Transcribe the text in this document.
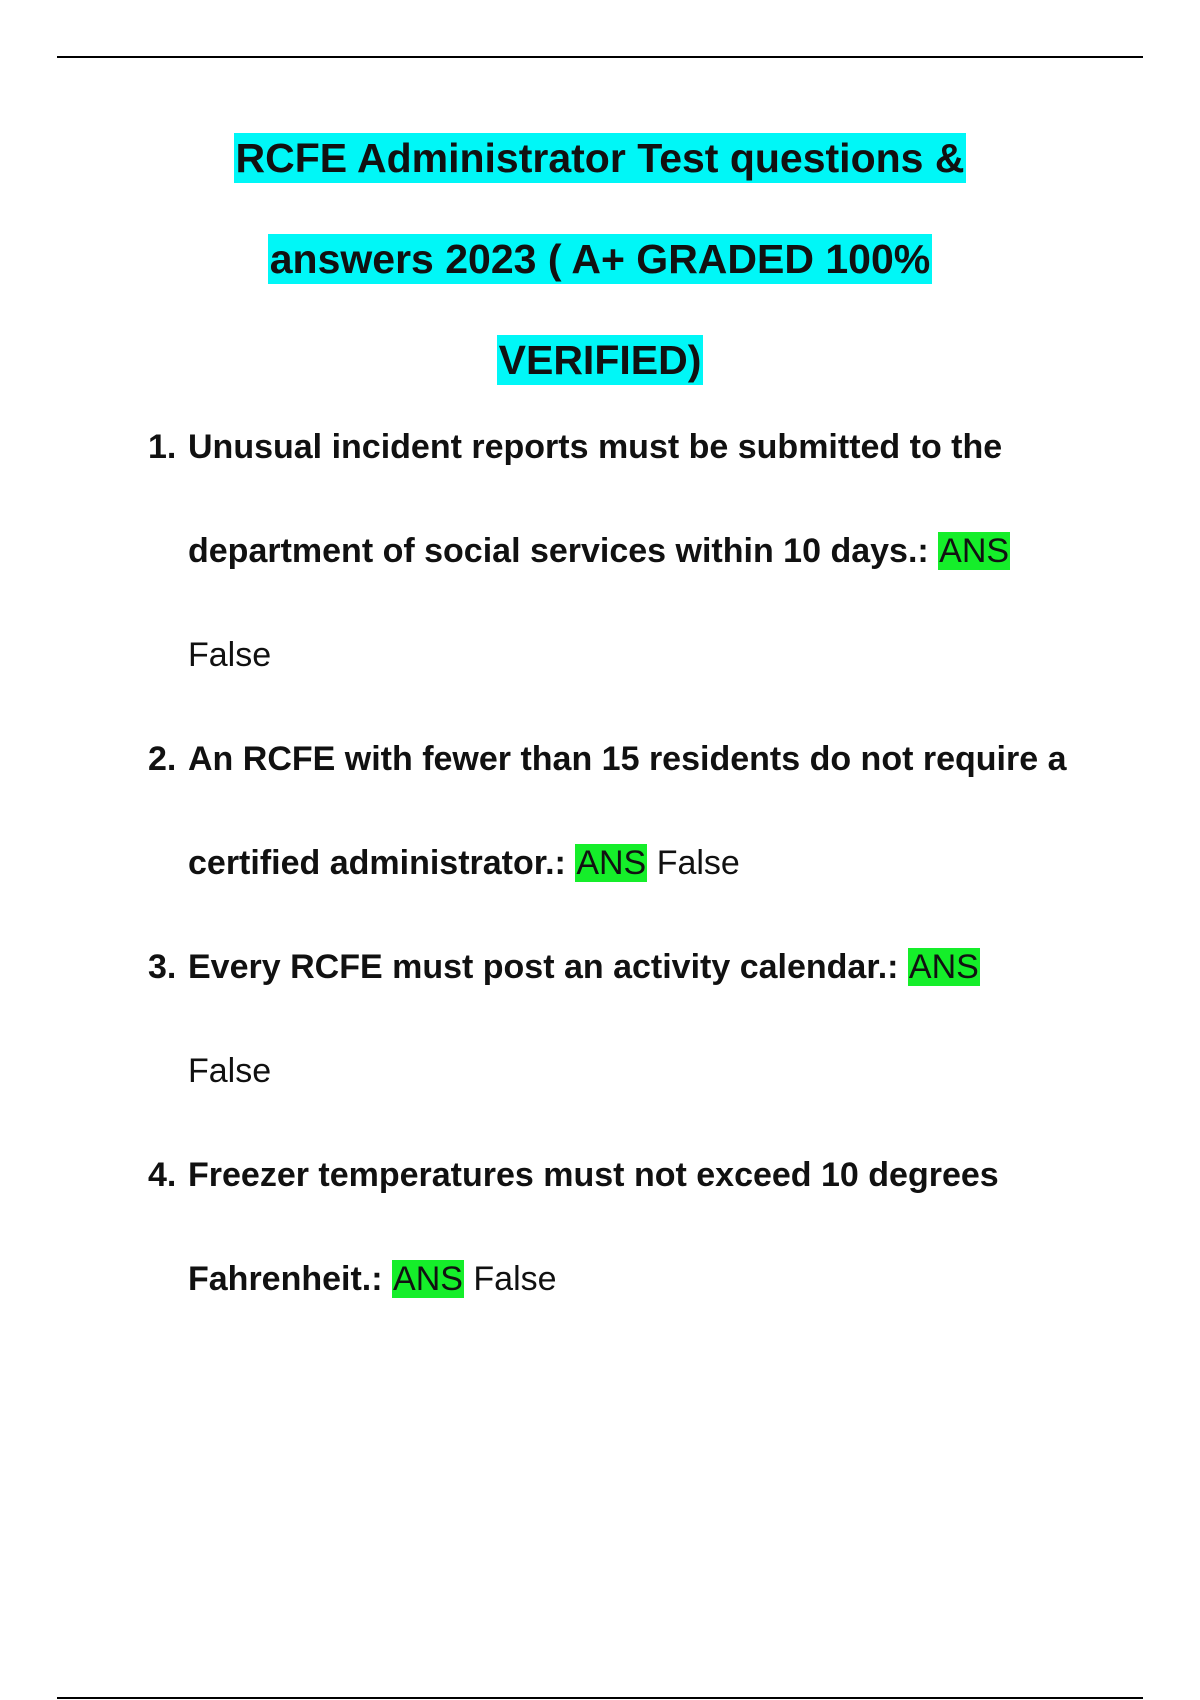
RCFE Administrator Test questions &
answers 2023 ( A+ GRADED 100%
VERIFIED)
1. Unusual incident reports must be submitted to the department of social services within 10 days.: ANS
False
2. An RCFE with fewer than 15 residents do not require a certified administrator.: ANS False
3. Every RCFE must post an activity calendar.: ANS
False
4. Freezer temperatures must not exceed 10 degrees Fahrenheit.: ANS False
